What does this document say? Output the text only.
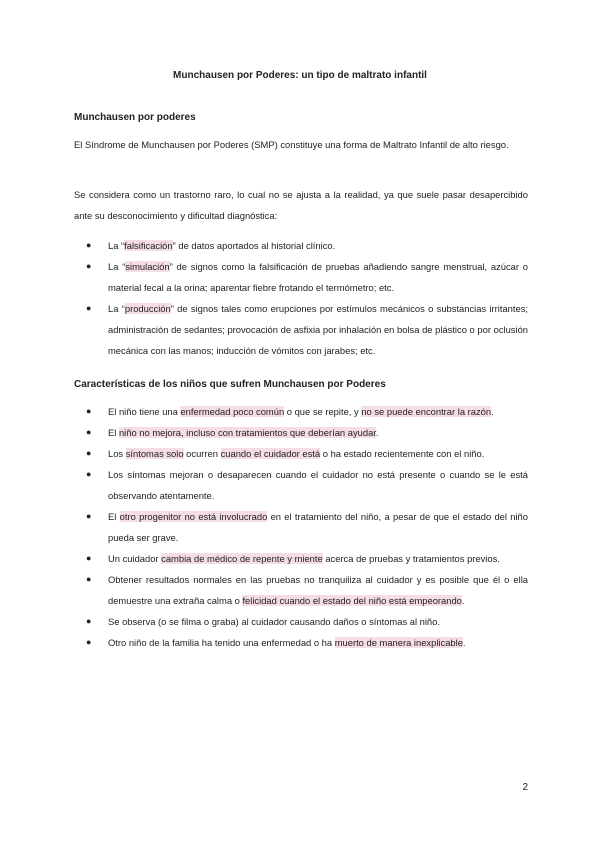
Munchausen por Poderes: un tipo de maltrato infantil
Munchausen por poderes
El Síndrome de Munchausen por Poderes (SMP) constituye una forma de Maltrato Infantil de alto riesgo.
Se considera como un trastorno raro, lo cual no se ajusta a la realidad, ya que suele pasar desapercibido ante su desconocimiento y dificultad diagnóstica:
● La “falsificación” de datos aportados al historial clínico.
● La “simulación” de signos como la falsificación de pruebas añadiendo sangre menstrual, azúcar o material fecal a la orina; aparentar fiebre frotando el termómetro; etc.
● La “producción” de signos tales como erupciones por estímulos mecánicos o substancias irritantes; administración de sedantes; provocación de asfixia por inhalación en bolsa de plástico o por oclusión mecánica con las manos; inducción de vómitos con jarabes; etc.
Características de los niños que sufren Munchausen por Poderes
● El niño tiene una enfermedad poco común o que se repite, y no se puede encontrar la razón.
● El niño no mejora, incluso con tratamientos que deberían ayudar.
● Los síntomas solo ocurren cuando el cuidador está o ha estado recientemente con el niño.
● Los síntomas mejoran o desaparecen cuando el cuidador no está presente o cuando se le está observando atentamente.
● El otro progenitor no está involucrado en el tratamiento del niño, a pesar de que el estado del niño pueda ser grave.
● Un cuidador cambia de médico de repente y miente acerca de pruebas y tratamientos previos.
● Obtener resultados normales en las pruebas no tranquiliza al cuidador y es posible que él o ella demuestre una extraña calma o felicidad cuando el estado del niño está empeorando.
● Se observa (o se filma o graba) al cuidador causando daños o síntomas al niño.
● Otro niño de la familia ha tenido una enfermedad o ha muerto de manera inexplicable.
2
